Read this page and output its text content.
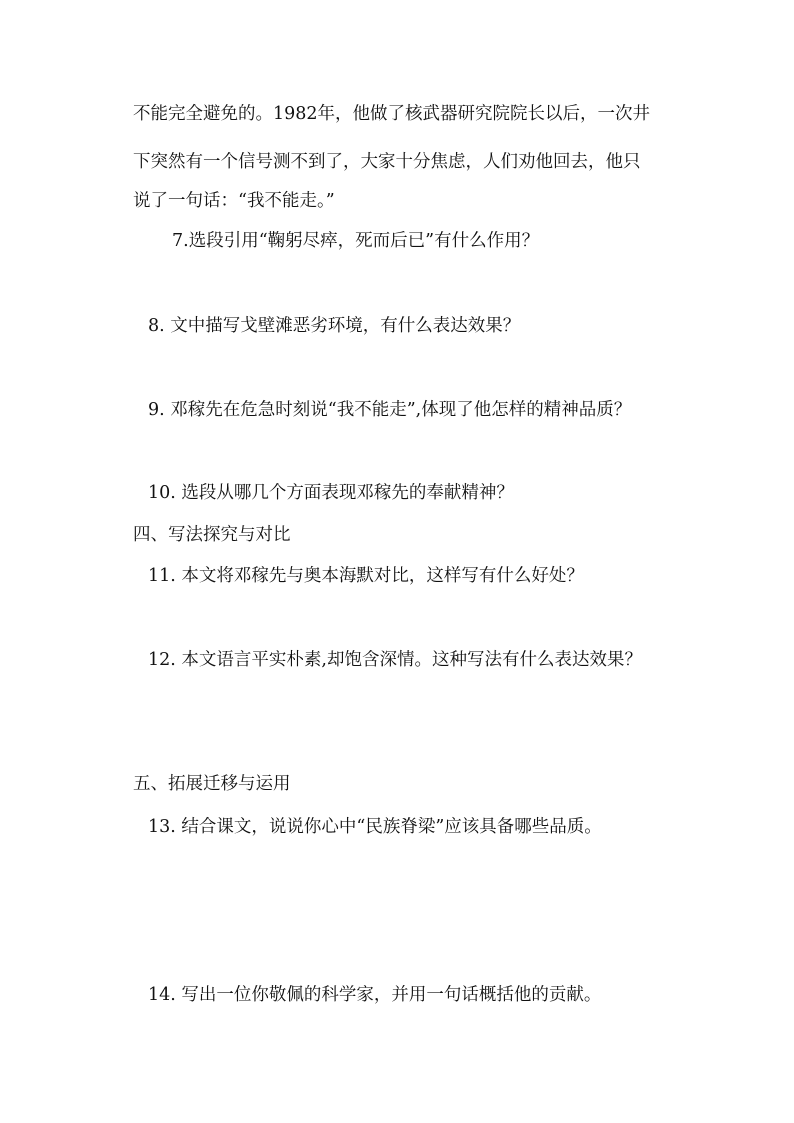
不能完全避免的。1982年，他做了核武器研究院院长以后，一次井
下突然有一个信号测不到了，大家十分焦虑，人们劝他回去，他只
说了一句话：“我不能走。”
7.选段引用“鞠躬尽瘁，死而后已”有什么作用？
8. 文中描写戈壁滩恶劣环境，有什么表达效果？
9. 邓稼先在危急时刻说“我不能走”,体现了他怎样的精神品质？
10. 选段从哪几个方面表现邓稼先的奉献精神？
四、写法探究与对比
11. 本文将邓稼先与奥本海默对比，这样写有什么好处？
12. 本文语言平实朴素,却饱含深情。这种写法有什么表达效果？
五、拓展迁移与运用
13. 结合课文，说说你心中“民族脊梁”应该具备哪些品质。
14. 写出一位你敬佩的科学家，并用一句话概括他的贡献。
